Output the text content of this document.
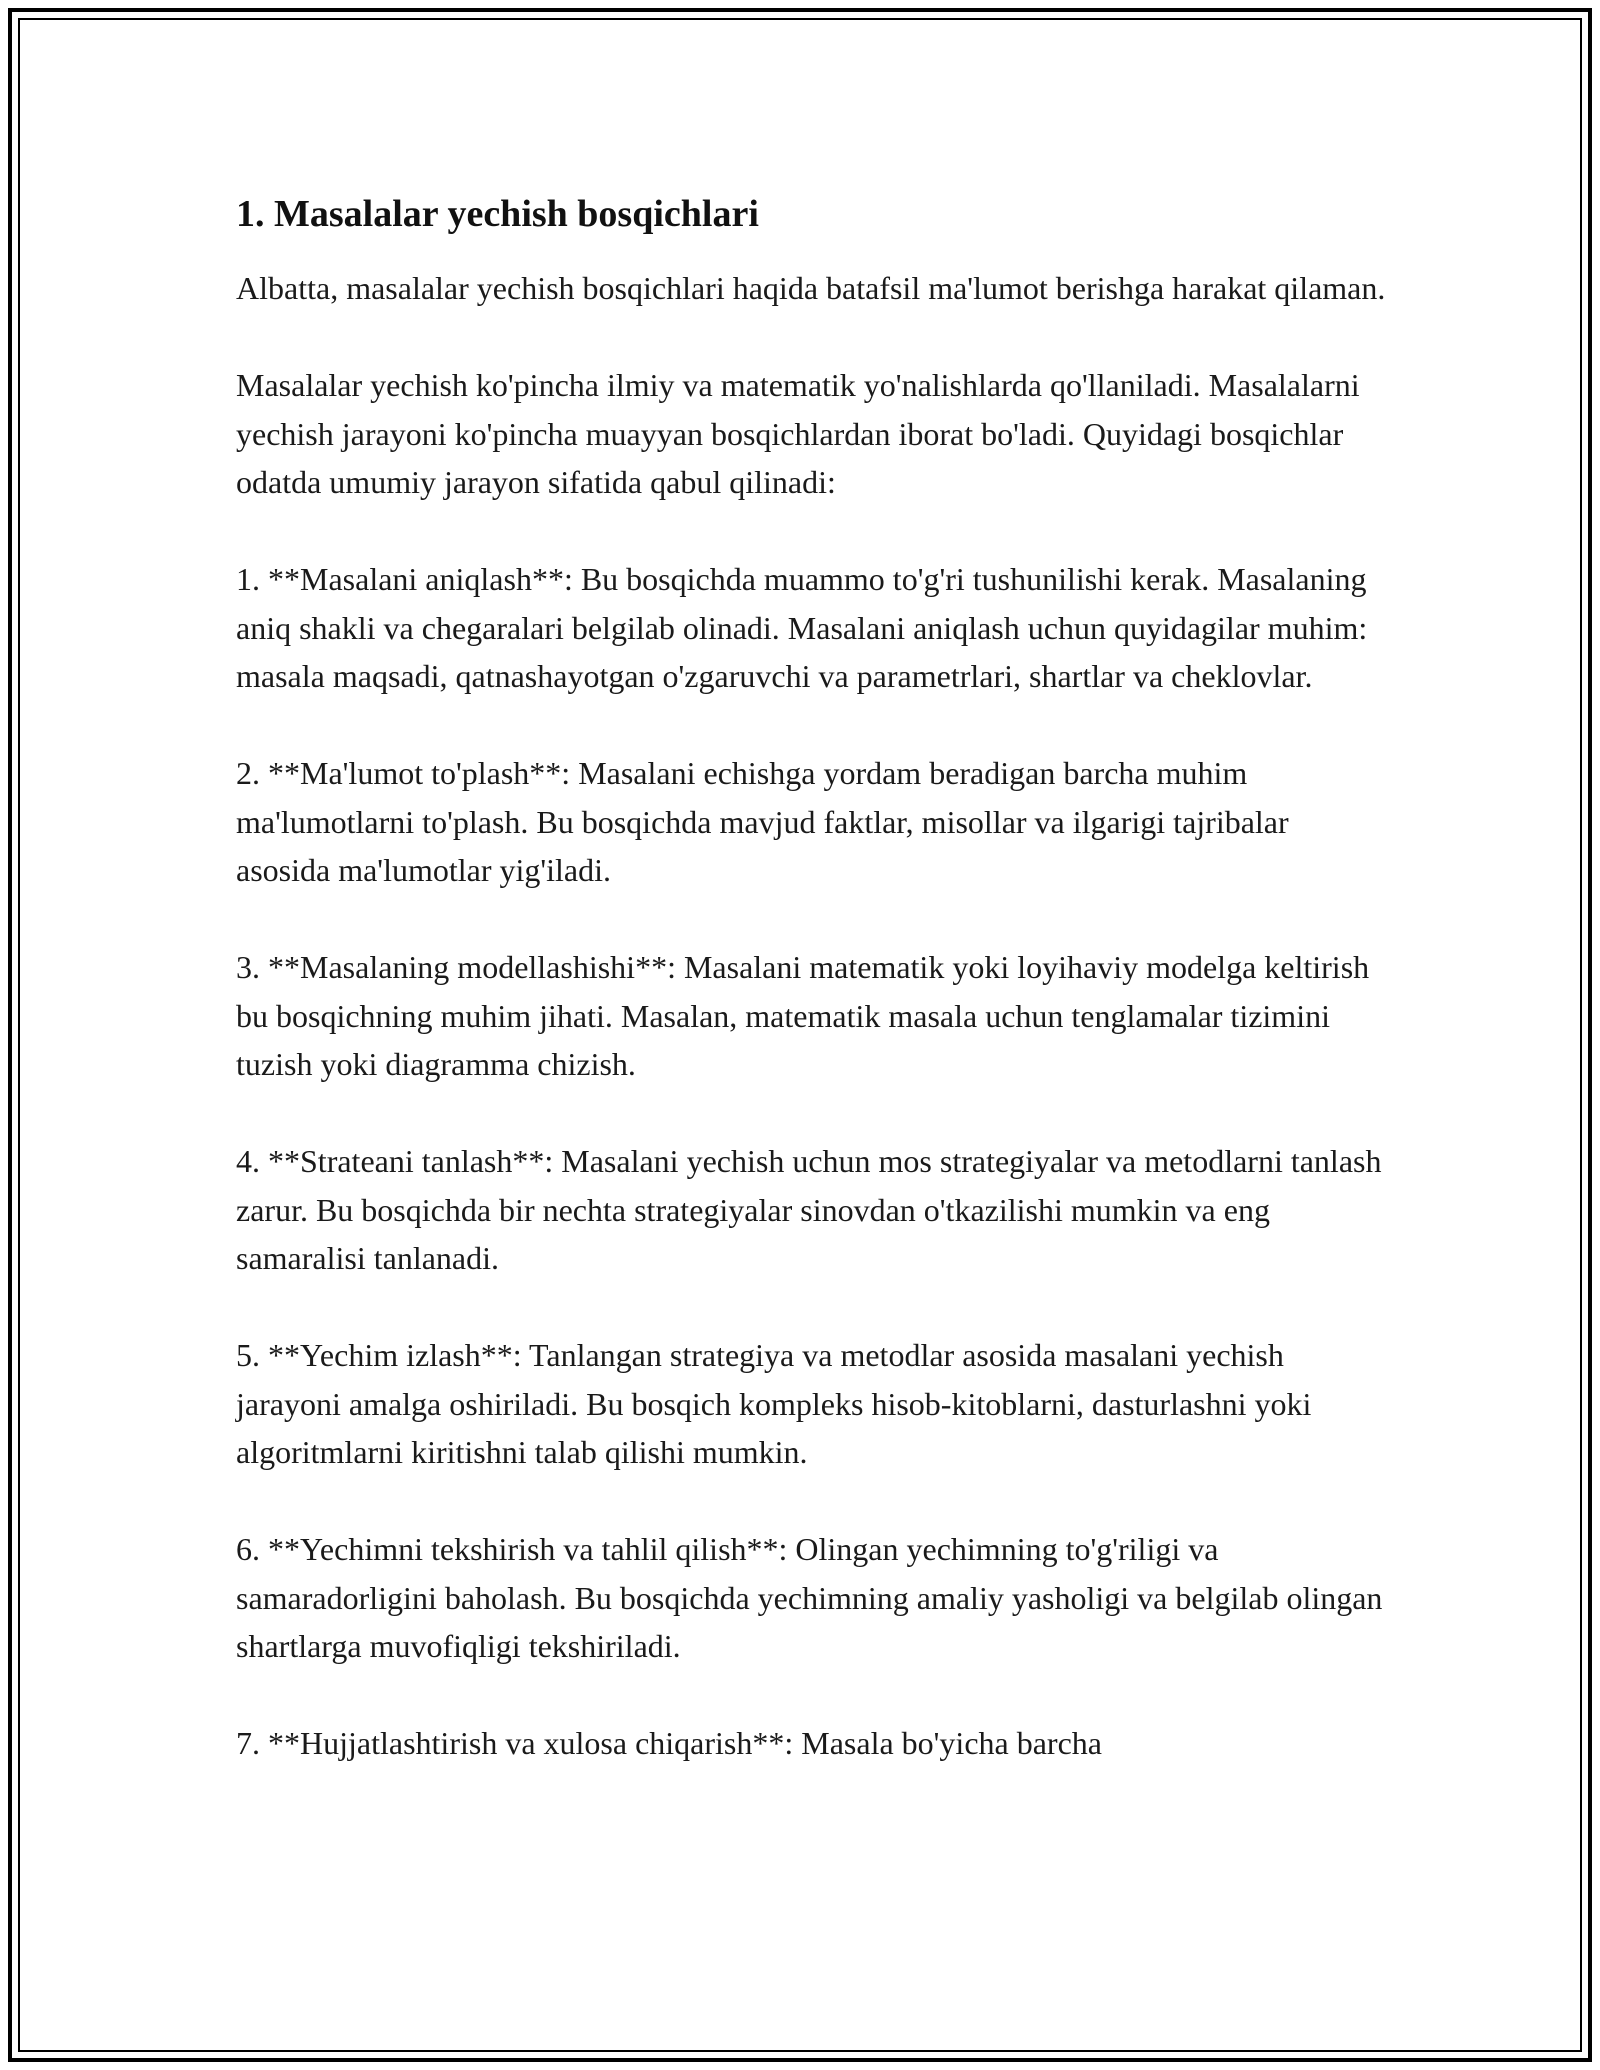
1. Masalalar yechish bosqichlari

Albatta, masalalar yechish bosqichlari haqida batafsil ma'lumot berishga harakat qilaman.

Masalalar yechish ko'pincha ilmiy va matematik yo'nalishlarda qo'llaniladi. Masalalarni yechish jarayoni ko'pincha muayyan bosqichlardan iborat bo'ladi. Quyidagi bosqichlar odatda umumiy jarayon sifatida qabul qilinadi:

1. **Masalani aniqlash**: Bu bosqichda muammo to'g'ri tushunilishi kerak. Masalaning aniq shakli va chegaralari belgilab olinadi. Masalani aniqlash uchun quyidagilar muhim: masala maqsadi, qatnashayotgan o'zgaruvchi va parametrlari, shartlar va cheklovlar.

2. **Ma'lumot to'plash**: Masalani echishga yordam beradigan barcha muhim ma'lumotlarni to'plash. Bu bosqichda mavjud faktlar, misollar va ilgarigi tajribalar asosida ma'lumotlar yig'iladi.

3. **Masalaning modellashishi**: Masalani matematik yoki loyihaviy modelga keltirish bu bosqichning muhim jihati. Masalan, matematik masala uchun tenglamalar tizimini tuzish yoki diagramma chizish.

4. **Strateani tanlash**: Masalani yechish uchun mos strategiyalar va metodlarni tanlash zarur. Bu bosqichda bir nechta strategiyalar sinovdan o'tkazilishi mumkin va eng samaralisi tanlanadi.

5. **Yechim izlash**: Tanlangan strategiya va metodlar asosida masalani yechish jarayoni amalga oshiriladi. Bu bosqich kompleks hisob-kitoblarni, dasturlashni yoki algoritmlarni kiritishni talab qilishi mumkin.

6. **Yechimni tekshirish va tahlil qilish**: Olingan yechimning to'g'riligi va samaradorligini baholash. Bu bosqichda yechimning amaliy yasholigi va belgilab olingan shartlarga muvofiqligi tekshiriladi.

7. **Hujjatlashtirish va xulosa chiqarish**: Masala bo'yicha barcha
